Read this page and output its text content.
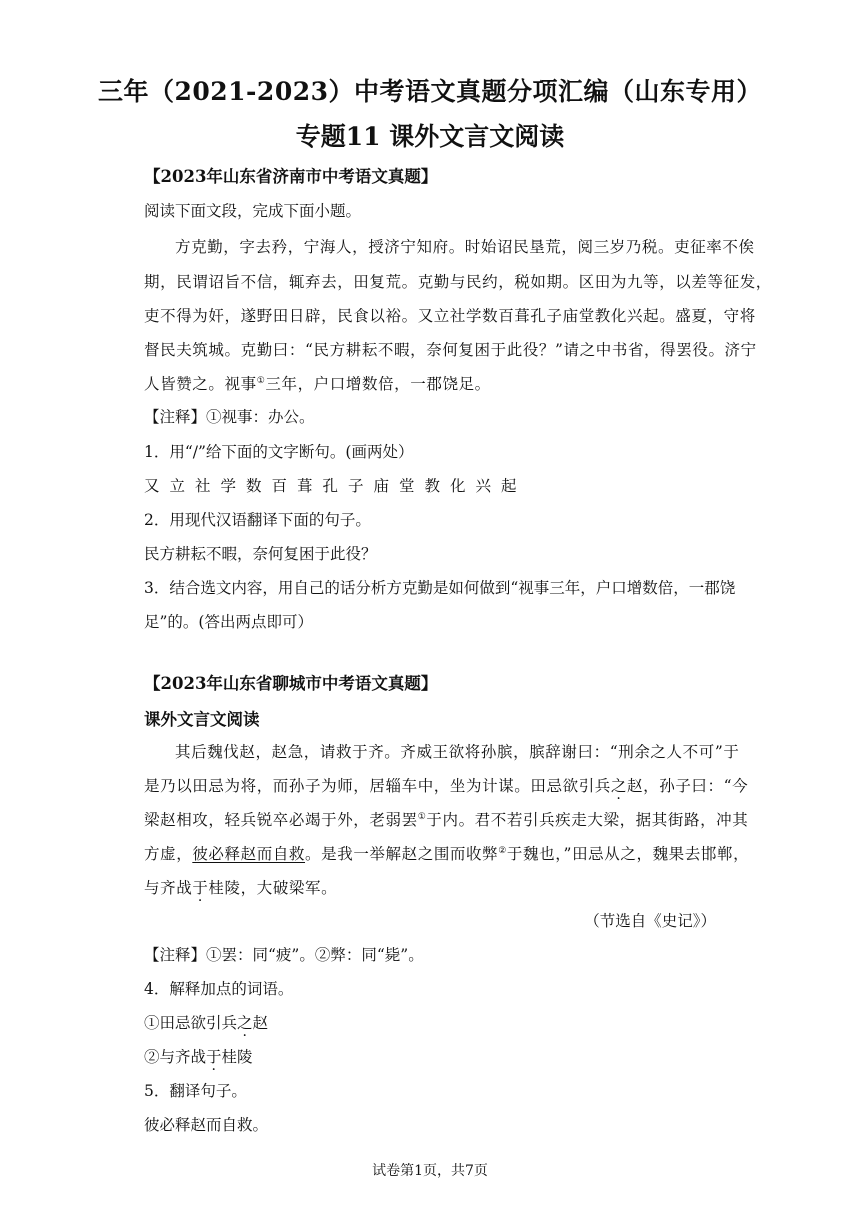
三年（2021-2023）中考语文真题分项汇编（山东专用）
专题11 课外文言文阅读
【2023年山东省济南市中考语文真题】
阅读下面文段，完成下面小题。
方克勤，字去矜，宁海人，授济宁知府。时始诏民垦荒，阅三岁乃税。吏征率不俟
期，民谓诏旨不信，辄弃去，田复荒。克勤与民约，税如期。区田为九等，以差等征发，
吏不得为奸，遂野田日辟，民食以裕。又立社学数百葺孔子庙堂教化兴起。盛夏，守将
督民夫筑城。克勤曰：“民方耕耘不暇，奈何复困于此役？”请之中书省，得罢役。济宁
人皆赞之。视事①三年，户口增数倍，一郡饶足。
【注释】①视事：办公。
1．用“/”给下面的文字断句。(画两处）
又立社学数百葺孔子庙堂教化兴起
2．用现代汉语翻译下面的句子。
民方耕耘不暇，奈何复困于此役？
3．结合选文内容，用自己的话分析方克勤是如何做到“视事三年，户口增数倍，一郡饶
足”的。(答出两点即可）
【2023年山东省聊城市中考语文真题】
课外文言文阅读
其后魏伐赵，赵急，请救于齐。齐威王欲将孙膑，膑辞谢曰：“刑余之人不可”于
是乃以田忌为将，而孙子为师，居辎车中，坐为计谋。田忌欲引兵之赵，孙子曰：“今
梁赵相攻，轻兵锐卒必竭于外，老弱罢①于内。君不若引兵疾走大梁，据其街路，冲其
方虚，彼必释赵而自救。是我一举解赵之围而收弊②于魏也，”田忌从之，魏果去邯郸，
与齐战于桂陵，大破梁军。
（节选自《史记》）
【注释】①罢：同“疲”。②弊：同“毙”。
4．解释加点的词语。
①田忌欲引兵之赵
②与齐战于桂陵
5．翻译句子。
彼必释赵而自救。
试卷第1页，共7页
